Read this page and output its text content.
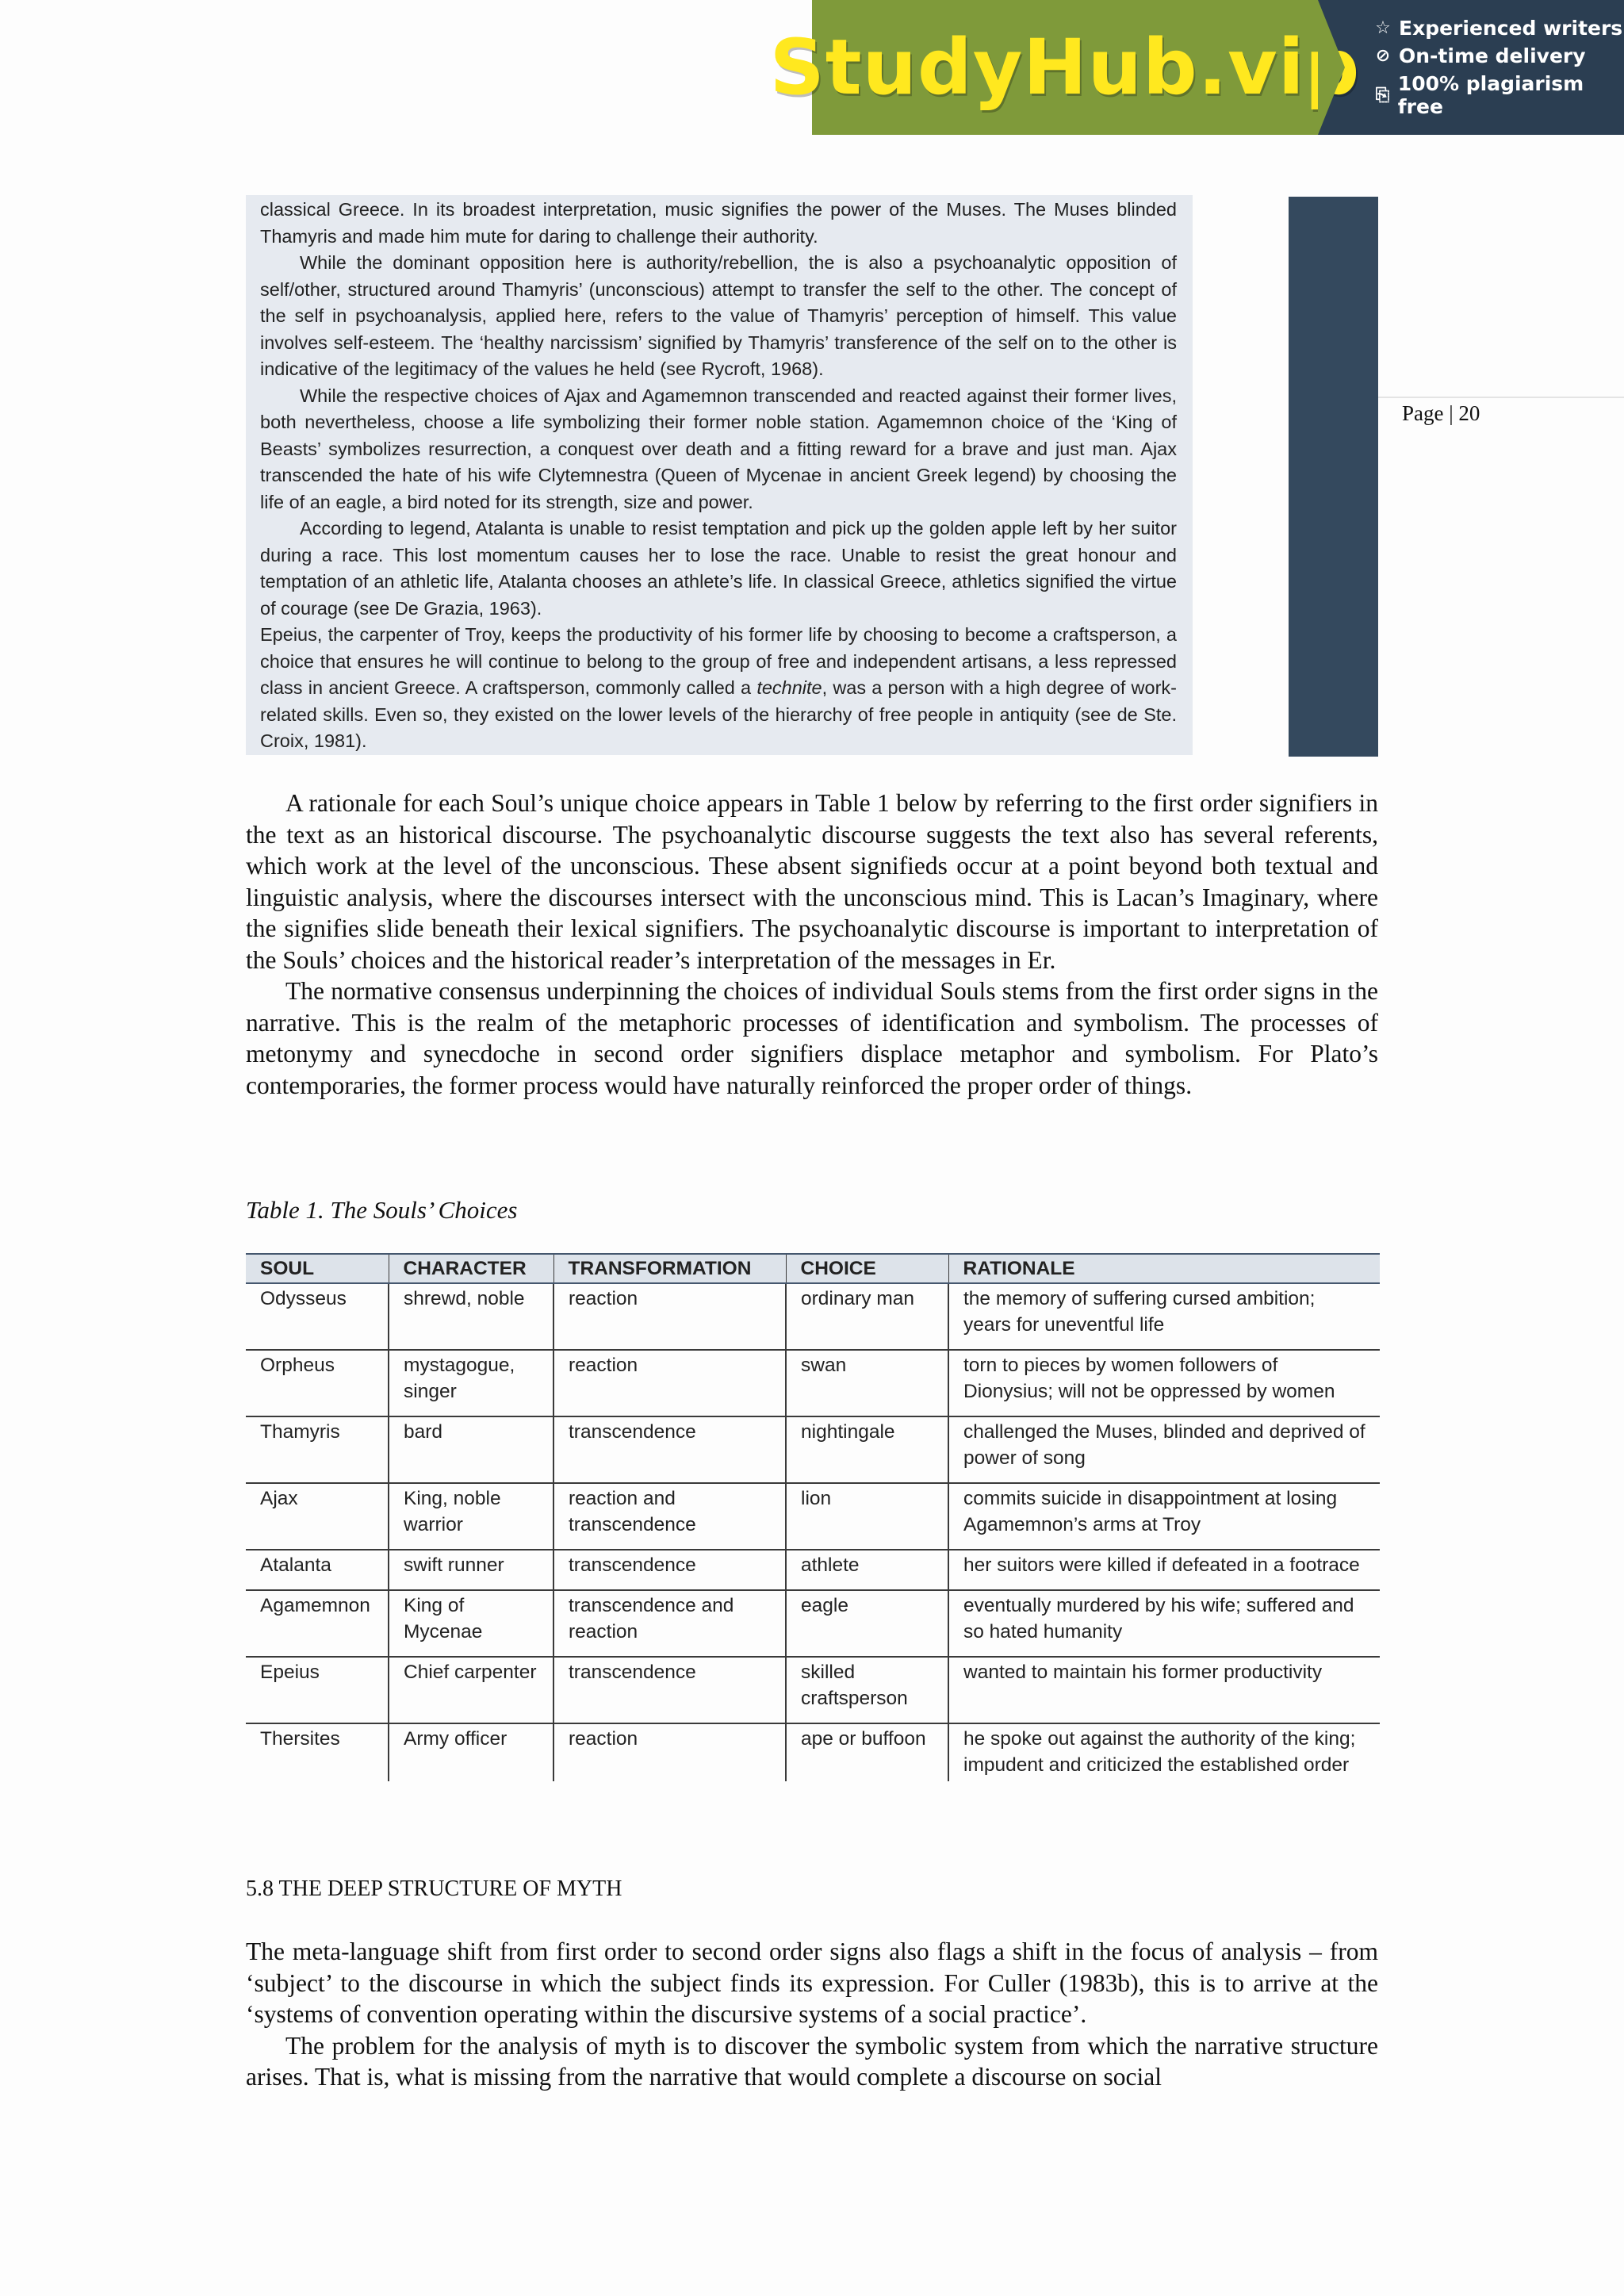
StudyHub.vip ☆ Experienced writers
⊘ On-time delivery
⎘ 100% plagiarism free

classical Greece. In its broadest interpretation, music signifies the power of the Muses. The Muses blinded Thamyris and made him mute for daring to challenge their authority.

While the dominant opposition here is authority/rebellion, the is also a psychoanalytic opposition of self/other, structured around Thamyris’ (unconscious) attempt to transfer the self to the other. The concept of the self in psychoanalysis, applied here, refers to the value of Thamyris’ perception of himself. This value involves self-esteem. The ‘healthy narcissism’ signified by Thamyris’ transference of the self on to the other is indicative of the legitimacy of the values he held (see Rycroft, 1968).

While the respective choices of Ajax and Agamemnon transcended and reacted against their former lives, both nevertheless, choose a life symbolizing their former noble station. Agamemnon choice of the ‘King of Beasts’ symbolizes resurrection, a conquest over death and a fitting reward for a brave and just man. Ajax transcended the hate of his wife Clytemnestra (Queen of Mycenae in ancient Greek legend) by choosing the life of an eagle, a bird noted for its strength, size and power.

According to legend, Atalanta is unable to resist temptation and pick up the golden apple left by her suitor during a race. This lost momentum causes her to lose the race. Unable to resist the great honour and temptation of an athletic life, Atalanta chooses an athlete’s life. In classical Greece, athletics signified the virtue of courage (see De Grazia, 1963).

Epeius, the carpenter of Troy, keeps the productivity of his former life by choosing to become a craftsperson, a choice that ensures he will continue to belong to the group of free and independent artisans, a less repressed class in ancient Greece. A craftsperson, commonly called a technite, was a person with a high degree of work-related skills. Even so, they existed on the lower levels of the hierarchy of free people in antiquity (see de Ste. Croix, 1981).

Page | 20

A rationale for each Soul’s unique choice appears in Table 1 below by referring to the first order signifiers in the text as an historical discourse. The psychoanalytic discourse suggests the text also has several referents, which work at the level of the unconscious. These absent signifieds occur at a point beyond both textual and linguistic analysis, where the discourses intersect with the unconscious mind. This is Lacan’s Imaginary, where the signifies slide beneath their lexical signifiers. The psychoanalytic discourse is important to interpretation of the Souls’ choices and the historical reader’s interpretation of the messages in Er.

The normative consensus underpinning the choices of individual Souls stems from the first order signs in the narrative. This is the realm of the metaphoric processes of identification and symbolism. The processes of metonymy and synecdoche in second order signifiers displace metaphor and symbolism. For Plato’s contemporaries, the former process would have naturally reinforced the proper order of things.

Table 1. The Souls’ Choices
SOUL	CHARACTER	TRANSFORMATION	CHOICE	RATIONALE
Odysseus	shrewd, noble	reaction	ordinary man	the memory of suffering cursed ambition; years for uneventful life
Orpheus	mystagogue, singer	reaction	swan	torn to pieces by women followers of Dionysius; will not be oppressed by women
Thamyris	bard	transcendence	nightingale	challenged the Muses, blinded and deprived of power of song
Ajax	King, noble warrior	reaction and transcendence	lion	commits suicide in disappointment at losing Agamemnon’s arms at Troy
Atalanta	swift runner	transcendence	athlete	her suitors were killed if defeated in a footrace
Agamemnon	King of Mycenae	transcendence and reaction	eagle	eventually murdered by his wife; suffered and so hated humanity
Epeius	Chief carpenter	transcendence	skilled craftsperson	wanted to maintain his former productivity
Thersites	Army officer	reaction	ape or buffoon	he spoke out against the authority of the king; impudent and criticized the established order
5.8 THE DEEP STRUCTURE OF MYTH

The meta-language shift from first order to second order signs also flags a shift in the focus of analysis – from ‘subject’ to the discourse in which the subject finds its expression. For Culler (1983b), this is to arrive at the ‘systems of convention operating within the discursive systems of a social practice’.

The problem for the analysis of myth is to discover the symbolic system from which the narrative structure arises. That is, what is missing from the narrative that would complete a discourse on social
